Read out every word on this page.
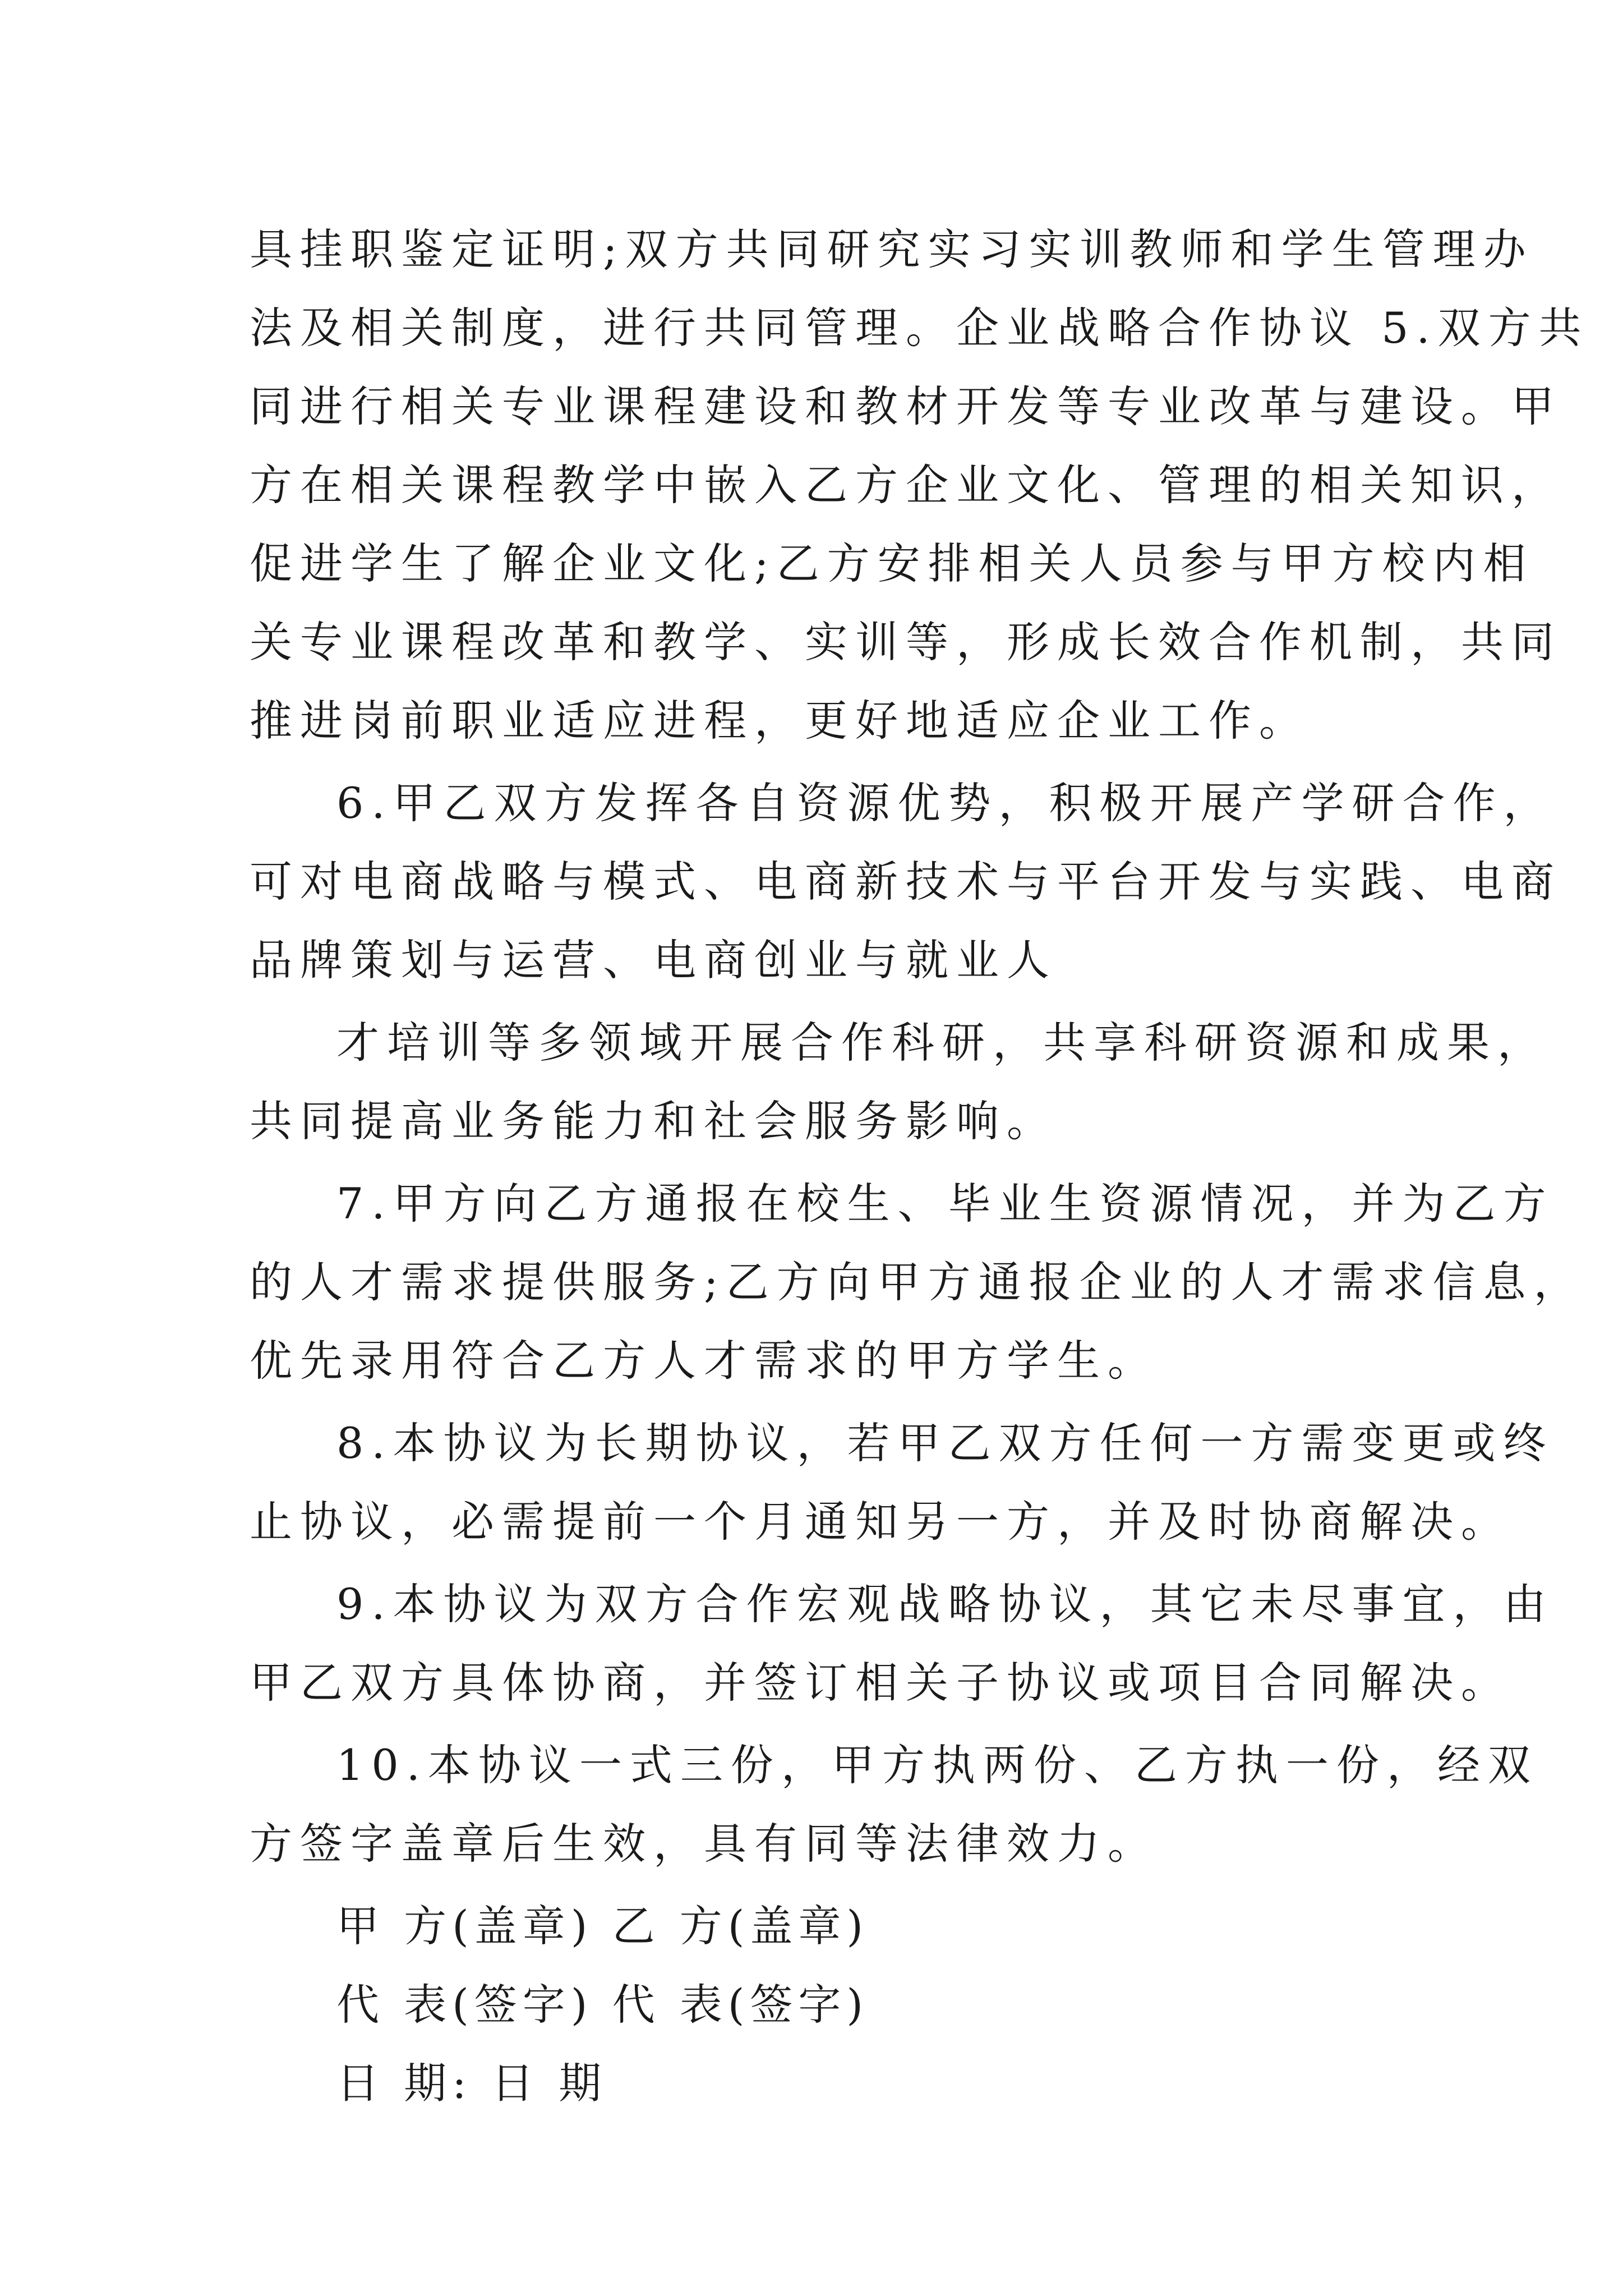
具挂职鉴定证明;双方共同研究实习实训教师和学生管理办
法及相关制度，进行共同管理。企业战略合作协议 5.双方共
同进行相关专业课程建设和教材开发等专业改革与建设。甲
方在相关课程教学中嵌入乙方企业文化、管理的相关知识，
促进学生了解企业文化;乙方安排相关人员参与甲方校内相
关专业课程改革和教学、实训等，形成长效合作机制，共同
推进岗前职业适应进程，更好地适应企业工作。
6.甲乙双方发挥各自资源优势，积极开展产学研合作，
可对电商战略与模式、电商新技术与平台开发与实践、电商
品牌策划与运营、电商创业与就业人
才培训等多领域开展合作科研，共享科研资源和成果，
共同提高业务能力和社会服务影响。
7.甲方向乙方通报在校生、毕业生资源情况，并为乙方
的人才需求提供服务;乙方向甲方通报企业的人才需求信息，
优先录用符合乙方人才需求的甲方学生。
8.本协议为长期协议，若甲乙双方任何一方需变更或终
止协议，必需提前一个月通知另一方，并及时协商解决。
9.本协议为双方合作宏观战略协议，其它未尽事宜，由
甲乙双方具体协商，并签订相关子协议或项目合同解决。
10.本协议一式三份，甲方执两份、乙方执一份，经双
方签字盖章后生效，具有同等法律效力。
甲 方(盖章) 乙 方(盖章)
代 表(签字) 代 表(签字)
日 期: 日 期
